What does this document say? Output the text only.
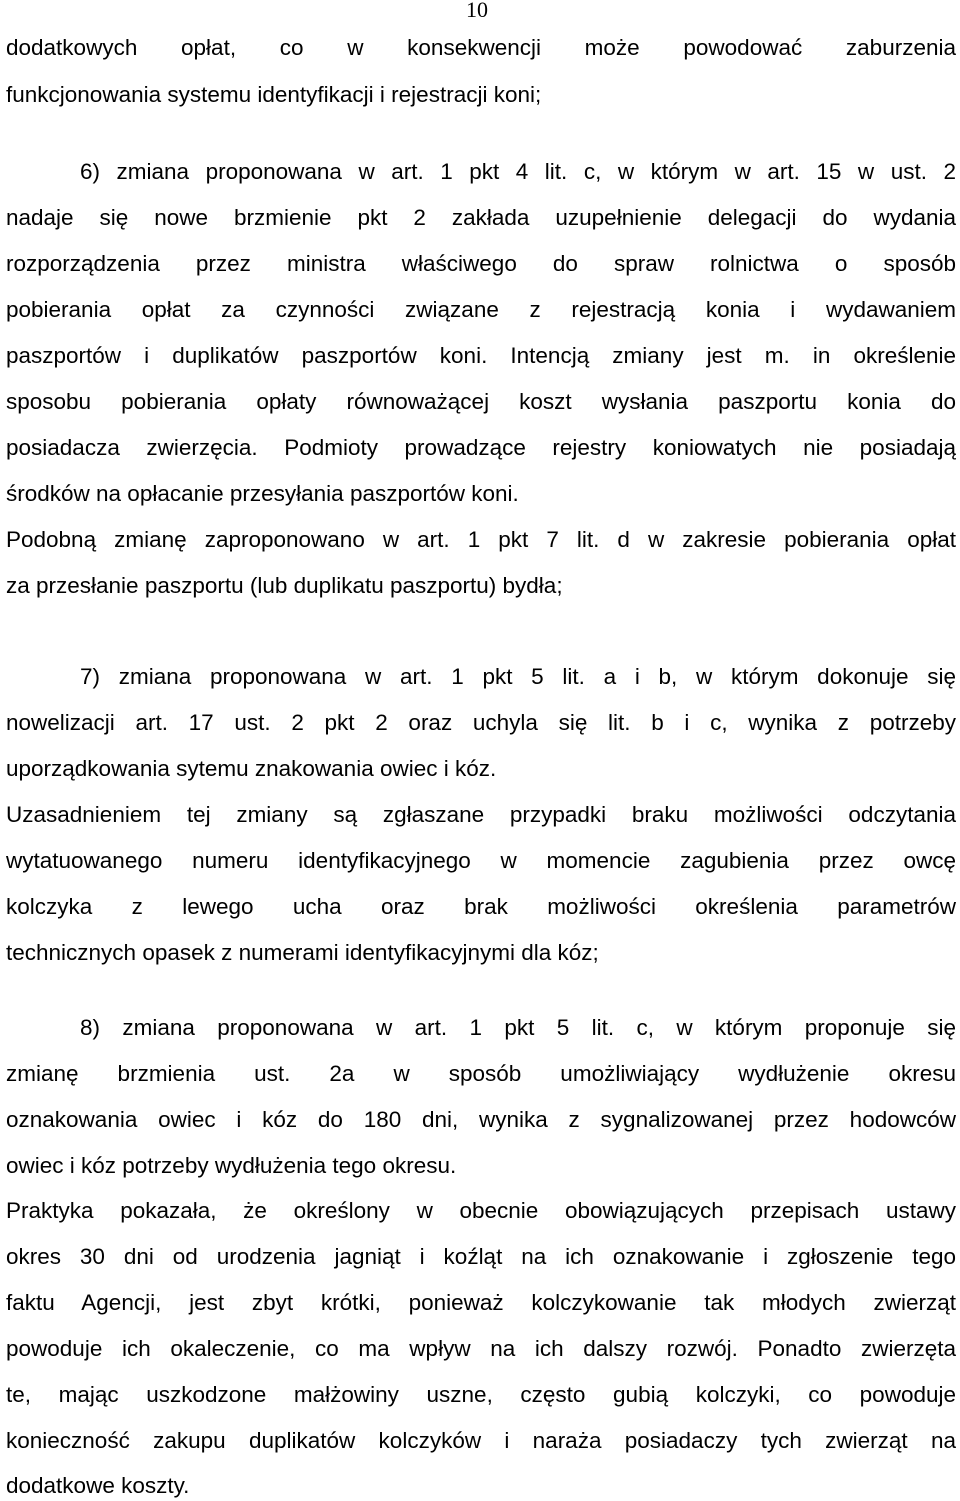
10
dodatkowych opłat, co w konsekwencji może powodować zaburzenia
funkcjonowania systemu identyfikacji i rejestracji koni;
6) zmiana proponowana w art. 1 pkt 4 lit. c, w którym w art. 15 w ust. 2
nadaje się nowe brzmienie pkt 2 zakłada uzupełnienie delegacji do wydania
rozporządzenia przez ministra właściwego do spraw rolnictwa o sposób
pobierania opłat za czynności związane z rejestracją konia i wydawaniem
paszportów i duplikatów paszportów koni. Intencją zmiany jest m. in określenie
sposobu pobierania opłaty równoważącej koszt wysłania paszportu konia do
posiadacza zwierzęcia. Podmioty prowadzące rejestry koniowatych nie posiadają
środków na opłacanie przesyłania paszportów koni.
Podobną zmianę zaproponowano w art. 1 pkt 7 lit. d w zakresie pobierania opłat
za przesłanie paszportu (lub duplikatu paszportu) bydła;
7) zmiana proponowana w art. 1 pkt 5 lit. a i b, w którym dokonuje się
nowelizacji art. 17 ust. 2 pkt 2 oraz uchyla się lit. b i c, wynika z potrzeby
uporządkowania sytemu znakowania owiec i kóz.
Uzasadnieniem tej zmiany są zgłaszane przypadki braku możliwości odczytania
wytatuowanego numeru identyfikacyjnego w momencie zagubienia przez owcę
kolczyka z lewego ucha oraz brak możliwości określenia parametrów
technicznych opasek z numerami identyfikacyjnymi dla kóz;
8) zmiana proponowana w art. 1 pkt 5 lit. c, w którym proponuje się
zmianę brzmienia ust. 2a w sposób umożliwiający wydłużenie okresu
oznakowania owiec i kóz do 180 dni, wynika z sygnalizowanej przez hodowców
owiec i kóz potrzeby wydłużenia tego okresu.
Praktyka pokazała, że określony w obecnie obowiązujących przepisach ustawy
okres 30 dni od urodzenia jagniąt i koźląt na ich oznakowanie i zgłoszenie tego
faktu Agencji, jest zbyt krótki, ponieważ kolczykowanie tak młodych zwierząt
powoduje ich okaleczenie, co ma wpływ na ich dalszy rozwój. Ponadto zwierzęta
te, mając uszkodzone małżowiny uszne, często gubią kolczyki, co powoduje
konieczność zakupu duplikatów kolczyków i naraża posiadaczy tych zwierząt na
dodatkowe koszty.
